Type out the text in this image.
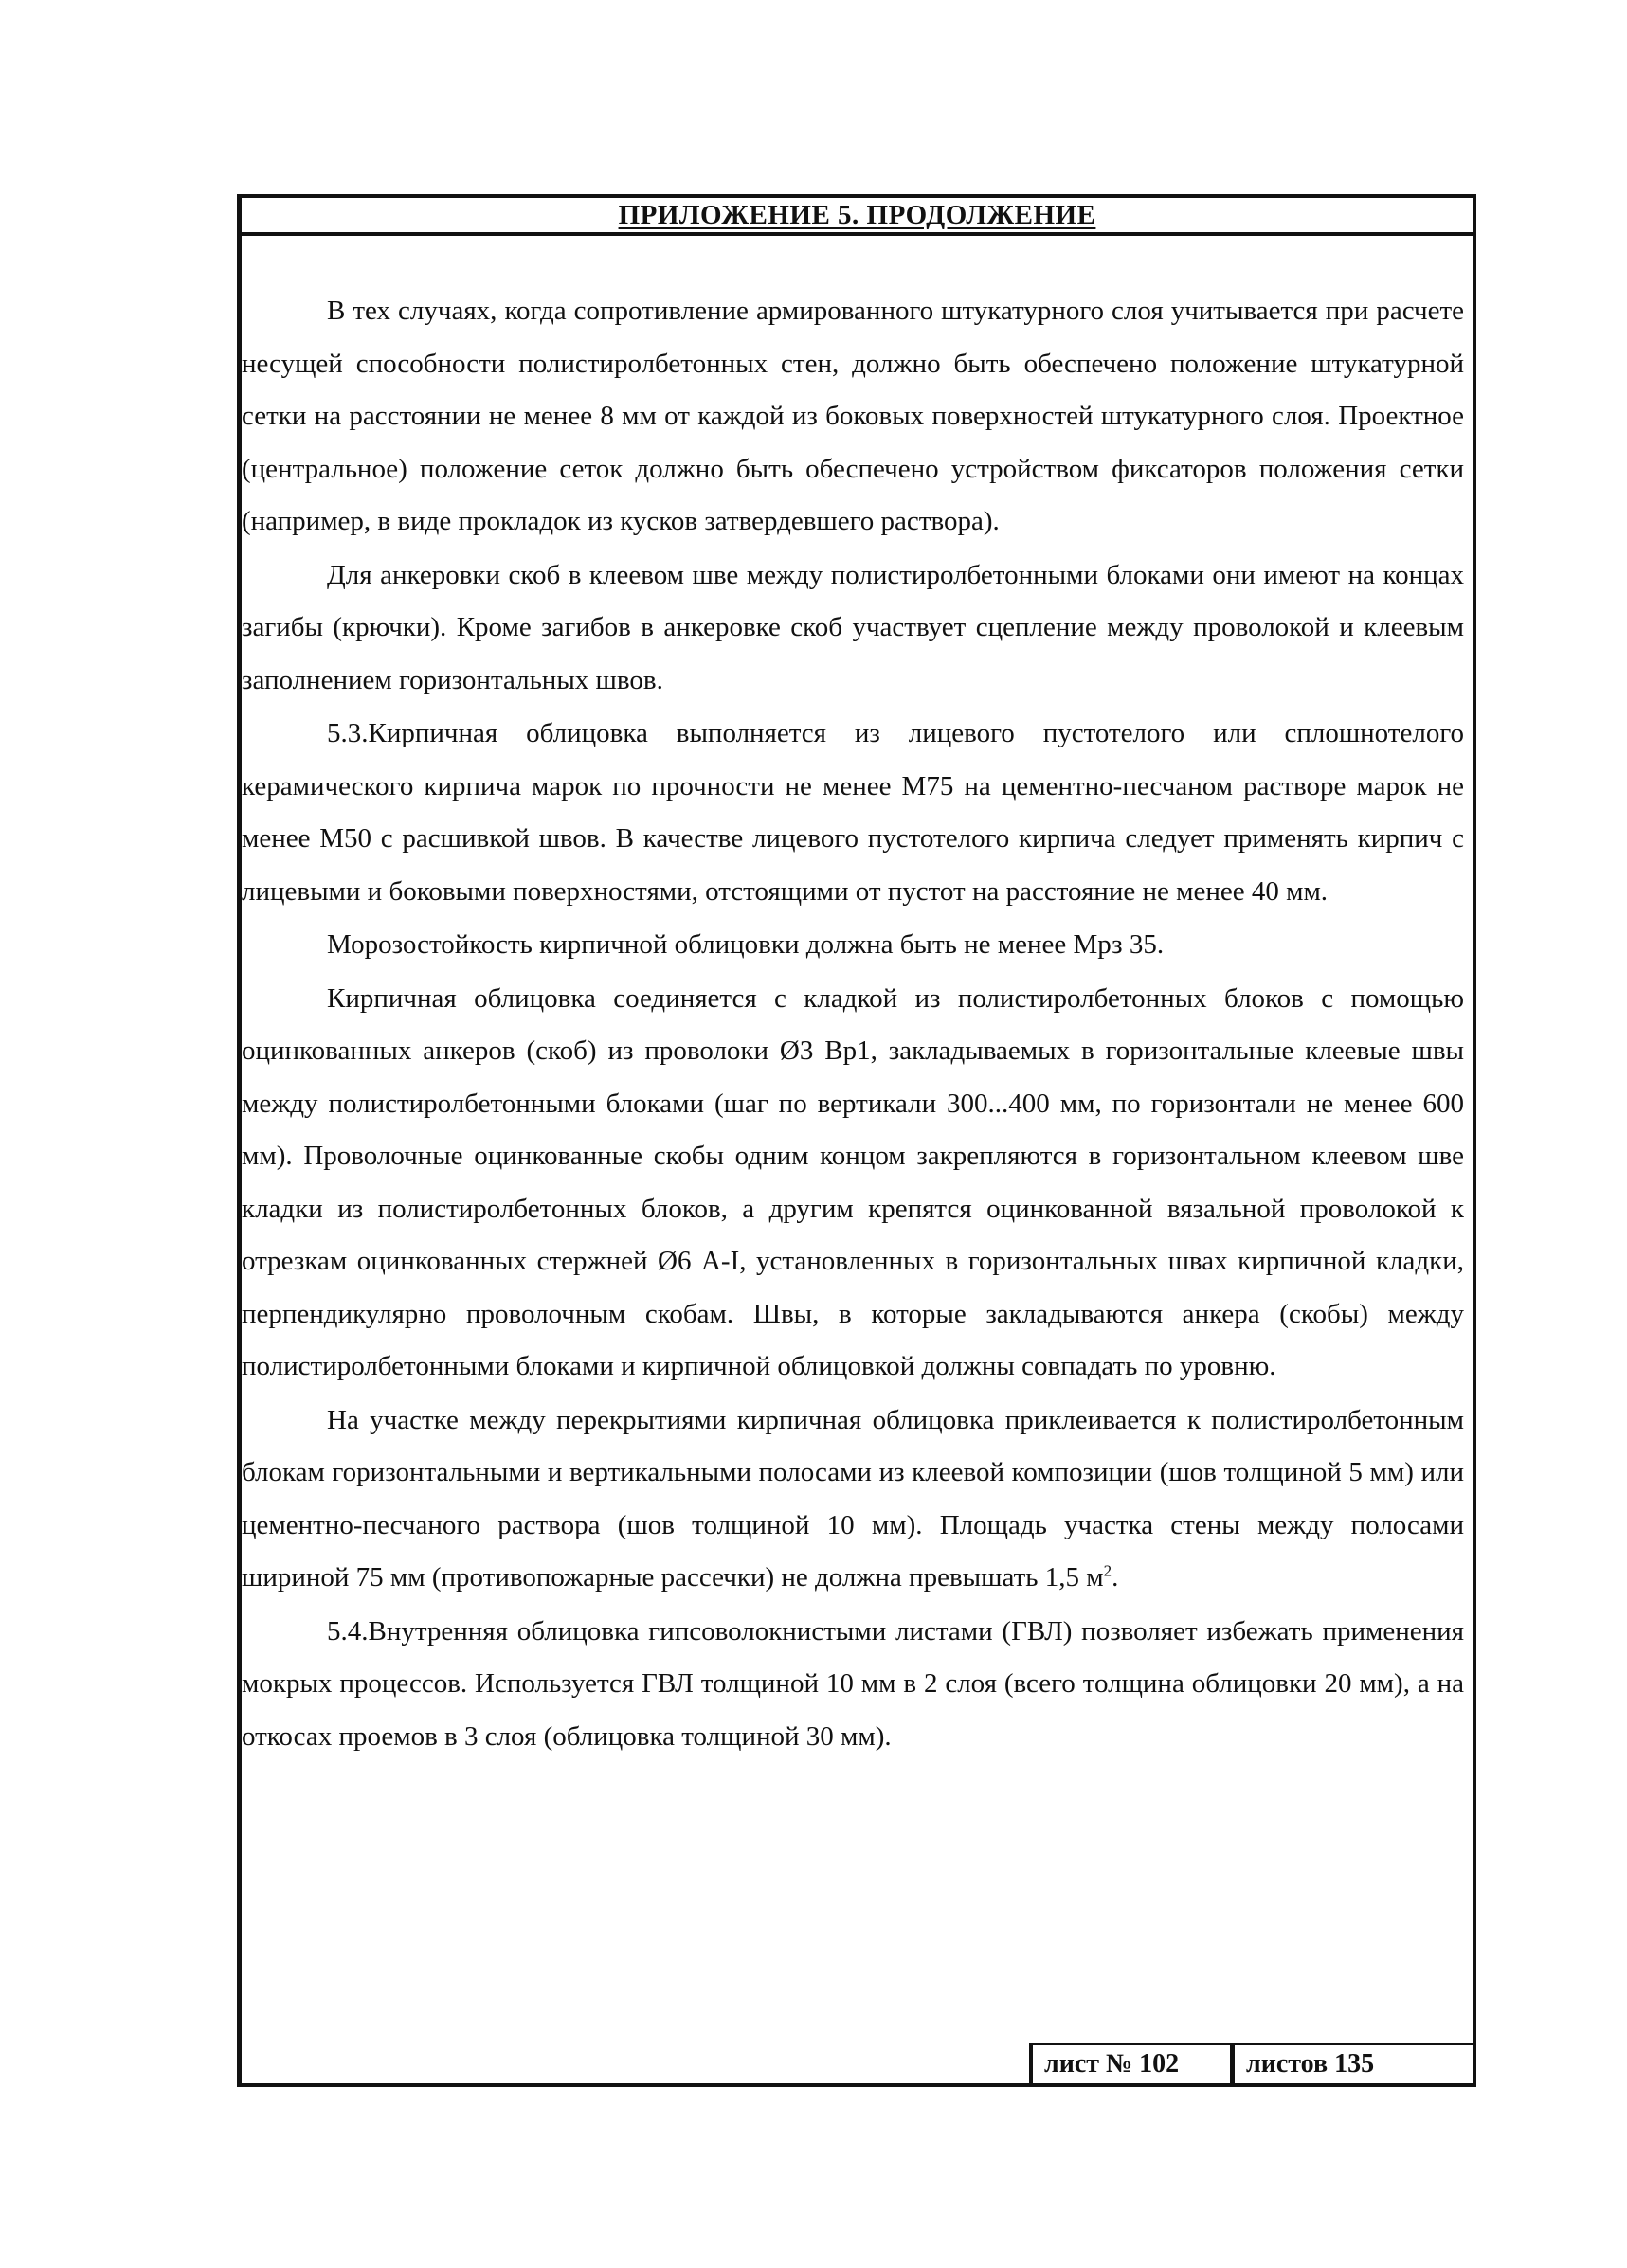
ПРИЛОЖЕНИЕ 5. ПРОДОЛЖЕНИЕ

В тех случаях, когда сопротивление армированного штукатурного слоя учитывается при расчете несущей способности полистиролбетонных стен, должно быть обеспечено положение штукатурной сетки на расстоянии не менее 8 мм от каждой из боковых поверхностей штукатурного слоя. Проектное (центральное) положение сеток должно быть обеспечено устройством фиксаторов положения сетки (например, в виде прокладок из кусков затвердевшего раствора).

Для анкеровки скоб в клеевом шве между полистиролбетонными блоками они имеют на концах загибы (крючки). Кроме загибов в анкеровке скоб участвует сцепление между проволокой и клеевым заполнением горизонтальных швов.

5.3.Кирпичная облицовка выполняется из лицевого пустотелого или сплошнотелого керамического кирпича марок по прочности не менее М75 на цементно-песчаном растворе марок не менее М50 с расшивкой швов. В качестве лицевого пустотелого кирпича следует применять кирпич с лицевыми и боковыми поверхностями, отстоящими от пустот на расстояние не менее 40 мм.

Морозостойкость кирпичной облицовки должна быть не менее Мрз 35.

Кирпичная облицовка соединяется с кладкой из полистиролбетонных блоков с помощью оцинкованных анкеров (скоб) из проволоки Ø3 Вр1, закладываемых в горизонтальные клеевые швы между полистиролбетонными блоками (шаг по вертикали 300...400 мм, по горизонтали не менее 600 мм). Проволочные оцинкованные скобы одним концом закрепляются в горизонтальном клеевом шве кладки из полистиролбетонных блоков, а другим крепятся оцинкованной вязальной проволокой к отрезкам оцинкованных стержней Ø6 А-I, установленных в горизонтальных швах кирпичной кладки, перпендикулярно проволочным скобам. Швы, в которые закладываются анкера (скобы) между полистиролбетонными блоками и кирпичной облицовкой должны совпадать по уровню.

На участке между перекрытиями кирпичная облицовка приклеивается к полистиролбетонным блокам горизонтальными и вертикальными полосами из клеевой композиции (шов толщиной 5 мм) или цементно-песчаного раствора (шов толщиной 10 мм). Площадь участка стены между полосами шириной 75 мм (противопожарные рассечки) не должна превышать 1,5 $м^2$.

5.4.Внутренняя облицовка гипсоволокнистыми листами (ГВЛ) позволяет избежать применения мокрых процессов. Используется ГВЛ толщиной 10 мм в 2 слоя (всего толщина облицовки 20 мм), а на откосах проемов в 3 слоя (облицовка толщиной 30 мм).

лист № 102	листов 135
